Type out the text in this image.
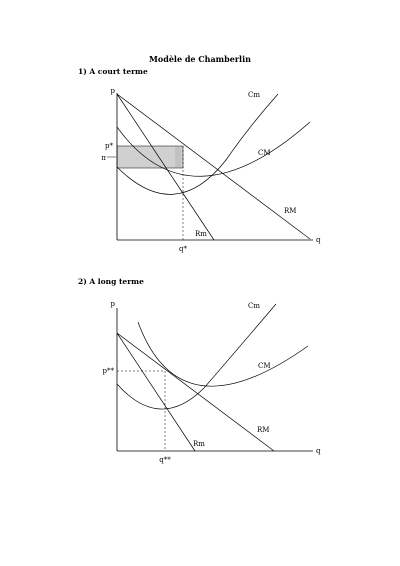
Modèle de Chamberlin
1) A court terme
p
q
p*
π
q*
Cm
CM
RM
Rm
2) A long terme
p
q
p**
q**
Cm
CM
RM
Rm
